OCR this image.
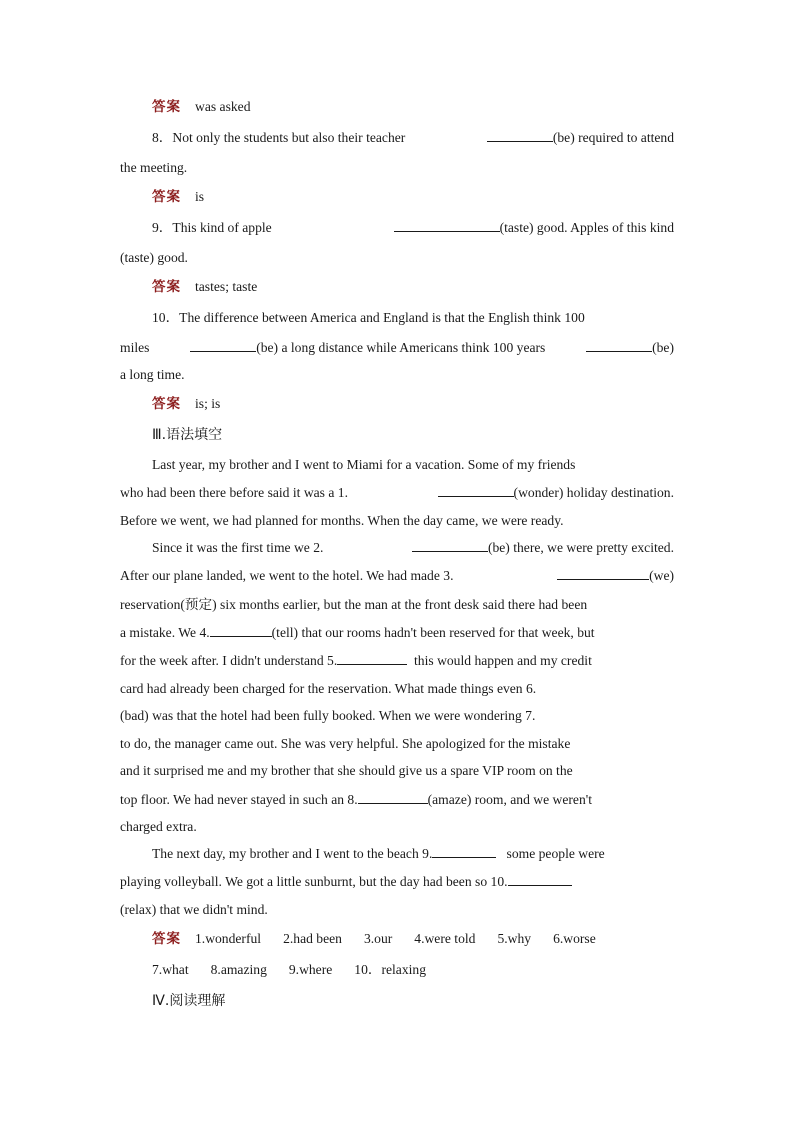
答案 was asked
8．Not only the students but also their teacher	(be) required to attend
the meeting.
答案 is
9．This kind of apple	(taste) good. Apples of this kind
(taste) good.
答案 tastes; taste
10．The difference between America and England is that the English think 100
miles	(be) a long distance while Americans think 100 years	(be)
a long time.
答案 is; is
Ⅲ.语法填空
Last year, my brother and I went to Miami for a vacation. Some of my friends
who had been there before said it was a 1.	(wonder) holiday destination.
Before we went, we had planned for months. When the day came, we were ready.
Since it was the first time we 2.	(be) there, we were pretty excited.
After our plane landed, we went to the hotel. We had made 3.	(we)
reservation(预定) six months earlier, but the man at the front desk said there had been
a mistake. We 4.	(tell) that our rooms hadn't been reserved for that week, but
for the week after. I didn't understand 5.	this would happen and my credit
card had already been charged for the reservation. What made things even 6.
(bad) was that the hotel had been fully booked. When we were wondering 7.
to do, the manager came out. She was very helpful. She apologized for the mistake
and it surprised me and my brother that she should give us a spare VIP room on the
top floor. We had never stayed in such an 8.	(amaze) room, and we weren't
charged extra.
The next day, my brother and I went to the beach 9.	some people were
playing volleyball. We got a little sunburnt, but the day had been so 10.
(relax) that we didn't mind.
答案 1.wonderful 2.had been 3.our 4.were told 5.why 6.worse
7.what 8.amazing 9.where 10．relaxing
Ⅳ.阅读理解
